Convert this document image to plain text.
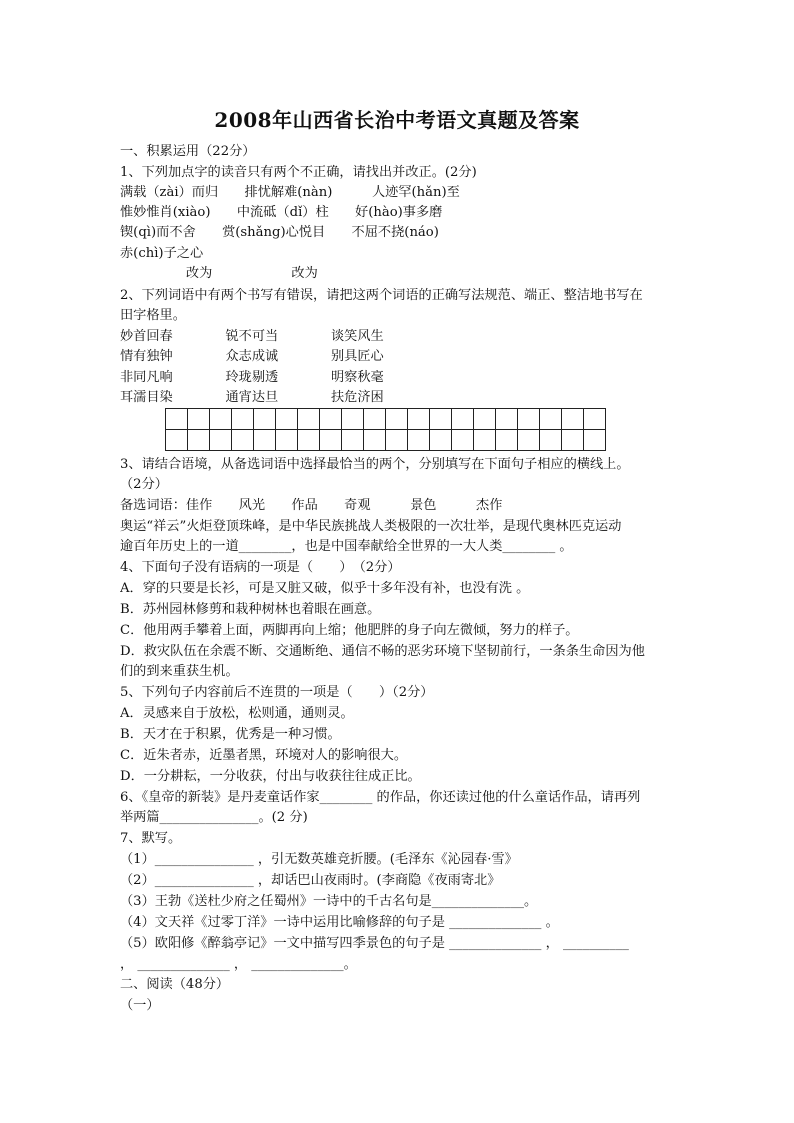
2008年山西省长治中考语文真题及答案
一、积累运用（22分）
1、下列加点字的读音只有两个不正确，请找出并改正。(2分)
满载（zài）而归　　排忧解难(nàn)　　　人迹罕(hǎn)至
惟妙惟肖(xiào)　　中流砥（dǐ）柱　　好(hào)事多磨
锲(qì)而不舍　　赏(shǎng)心悦目　　不屈不挠(náo)
赤(chì)子之心
　　　　　改为　　　　　　改为
2、下列词语中有两个书写有错误，请把这两个词语的正确写法规范、端正、整洁地书写在
田字格里。
妙首回春　　　　锐不可当　　　　谈笑风生
情有独钟　　　　众志成诚　　　　别具匠心
非同凡响　　　　玲珑剔透　　　　明察秋毫
耳濡目染　　　　通宵达旦　　　　扶危济困

3、请结合语境，从备选词语中选择最恰当的两个，分别填写在下面句子相应的横线上。
（2分）
备选词语：佳作　　风光　　作品　　奇观　　　景色　　　杰作
奥运“祥云”火炬登顶珠峰，是中华民族挑战人类极限的一次壮举，是现代奥林匹克运动
逾百年历史上的一道________，也是中国奉献给全世界的一大人类________ 。
4、下面句子没有语病的一项是（　　）　（2分）
A．穿的只要是长衫，可是又脏又破，似乎十多年没有补，也没有洗 。
B．苏州园林修剪和栽种树林也着眼在画意。
C．他用两手攀着上面，两脚再向上缩；他肥胖的身子向左微倾，努力的样子。
D．救灾队伍在余震不断、交通断绝、通信不畅的恶劣环境下坚韧前行，一条条生命因为他
们的到来重获生机。
5、下列句子内容前后不连贯的一项是（　　）（2分）
A．灵感来自于放松，松则通，通则灵。
B．天才在于积累，优秀是一种习惯。
C．近朱者赤，近墨者黑，环境对人的影响很大。
D．一分耕耘，一分收获，付出与收获往往成正比。
6、《皇帝的新装》是丹麦童话作家________ 的作品，你还读过他的什么童话作品，请再列
举两篇_______________。(2 分)
7、默写。
（1）_______________ ，引无数英雄竞折腰。(毛泽东《沁园春·雪》
（2）_______________ ，却话巴山夜雨时。(李商隐《夜雨寄北》
（3）王勃《送杜少府之任蜀州》一诗中的千古名句是______________。
（4）文天祥《过零丁洋》一诗中运用比喻修辞的句子是 ______________ 。
（5）欧阳修《醉翁亭记》一文中描写四季景色的句子是 ______________ ， __________
， ______________ ， ______________。
二、阅读（48分）
（一）
